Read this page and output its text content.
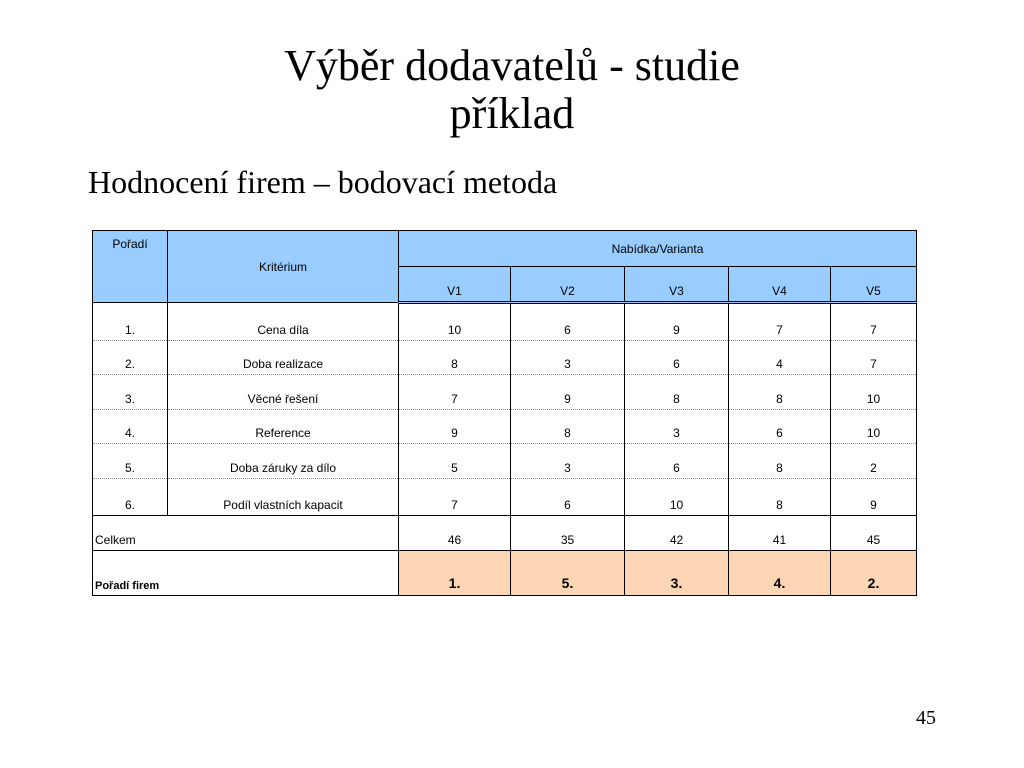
Výběr dodavatelů - studie
příklad
Hodnocení firem – bodovací metoda
Pořadí	Kritérium	Nabídka/Varianta				
		V1	V2	V3	V4	V5
1.	Cena díla	10	6	9	7	7
2.	Doba realizace	8	3	6	4	7
3.	Věcné řešení	7	9	8	8	10
4.	Reference	9	8	3	6	10
5.	Doba záruky za dílo	5	3	6	8	2
6.	Podíl vlastních kapacit	7	6	10	8	9
Celkem		46	35	42	41	45
Pořadí firem		1.	5.	3.	4.	2.
45
